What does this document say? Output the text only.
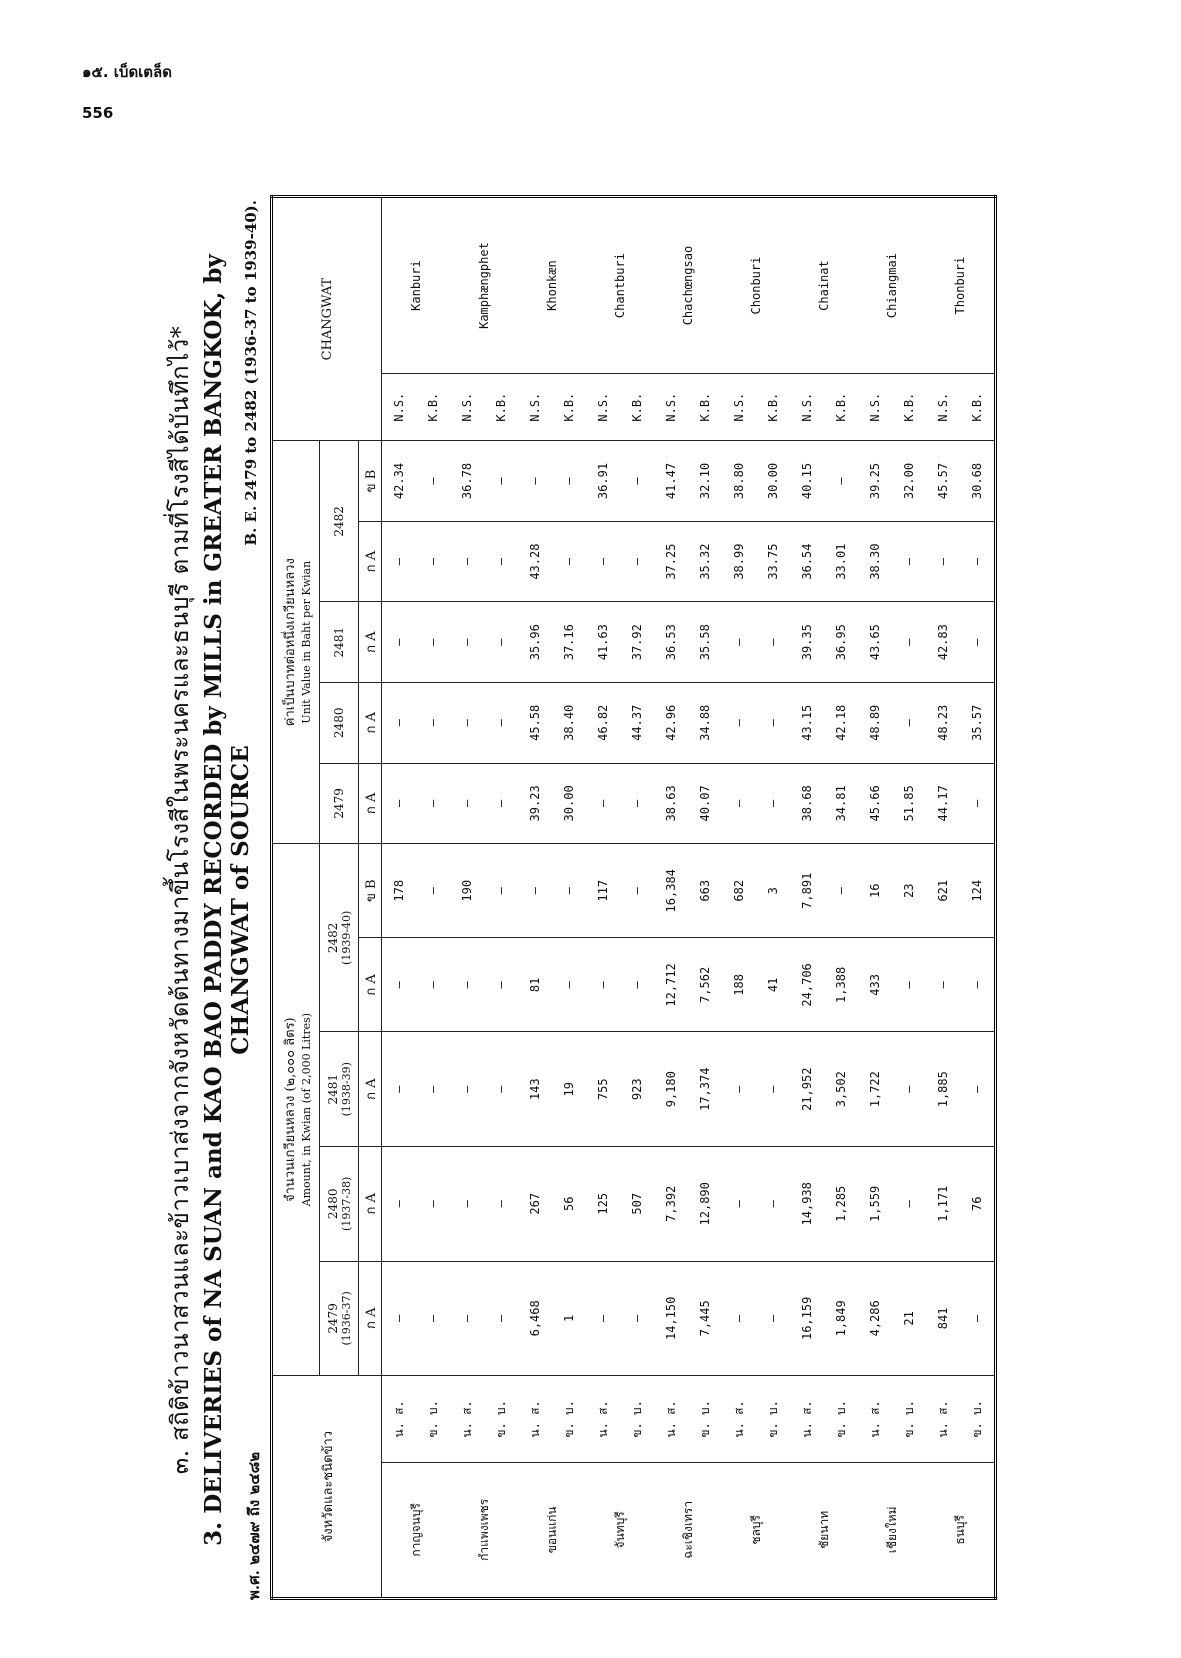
๑๕. เบ็ดเตล็ด
556
๓. สถิติข้าวนาสวนและข้าวเบาส่งจากจังหวัดต้นทางมาขึ้นโรงสีในพระนครและธนบุรี ตามที่โรงสีได้บันทึกไว้* 3. DELIVERIES of NA SUAN and KAO BAO PADDY RECORDED by MILLS in GREATER BANGKOK, by CHANGWAT of SOURCE
พ.ศ. ๒๔๗๙ ถึง ๒๔๘๒
B. E. 2479 to 2482 (1936-37 to 1939-40).
จังหวัดและชนิดข้าว		จำนวนเกวียนหลวง (๒,๐๐๐ ลิตร) Amount, in Kwian (of 2,000 Litres)					ค่าเป็นบาทต่อหนึ่งเกวียนหลวง Unit Value in Baht per Kwian					CHANGWAT	
		2479 (1936-37)	2480 (1937-38)	2481 (1938-39)	2482 (1939-40)		2479	2480	2481	2482			
		ก A	ก A	ก A	ก A	ข B	ก A	ก A	ก A	ก A	ข B		
กาญจนบุรี	น. ส.	—	—	—	—	178	—	—	—	—	42.34	N.S.	Kanburi
	ข. บ.	—	—	—	—	—	—	—	—	—	—	K.B.	
กำแพงเพชร	น. ส.	—	—	—	—	190	—	—	—	—	36.78	N.S.	Kamphængphet
	ข. บ.	—	—	—	—	—	—	—	—	—	—	K.B.	
ขอนแก่น	น. ส.	6,468	267	143	81	—	39.23	45.58	35.96	43.28	—	N.S.	Khonkæn
	ข. บ.	1	56	19	—	—	30.00	38.40	37.16	—	—	K.B.	
จันทบุรี	น. ส.	—	125	755	—	117	—	46.82	41.63	—	36.91	N.S.	Chantburi
	ข. บ.	—	507	923	—	—	—	44.37	37.92	—	—	K.B.	
ฉะเชิงเทรา	น. ส.	14,150	7,392	9,180	12,712	16,384	38.63	42.96	36.53	37.25	41.47	N.S.	Chachœngsao
	ข. บ.	7,445	12,890	17,374	7,562	663	40.07	34.88	35.58	35.32	32.10	K.B.	
ชลบุรี	น. ส.	—	—	—	188	682	—	—	—	38.99	38.80	N.S.	Chonburi
	ข. บ.	—	—	—	41	3	—	—	—	33.75	30.00	K.B.	
ชัยนาท	น. ส.	16,159	14,938	21,952	24,706	7,891	38.68	43.15	39.35	36.54	40.15	N.S.	Chainat
	ข. บ.	1,849	1,285	3,502	1,388	—	34.81	42.18	36.95	33.01	—	K.B.	
เชียงใหม่	น. ส.	4,286	1,559	1,722	433	16	45.66	48.89	43.65	38.30	39.25	N.S.	Chiangmai
	ข. บ.	21	—	—	—	23	51.85	—	—	—	32.00	K.B.	
ธนบุรี	น. ส.	841	1,171	1,885	—	621	44.17	48.23	42.83	—	45.57	N.S.	Thonburi
	ข. บ.	—	76	—	—	124	—	35.57	—	—	30.68	K.B.	
